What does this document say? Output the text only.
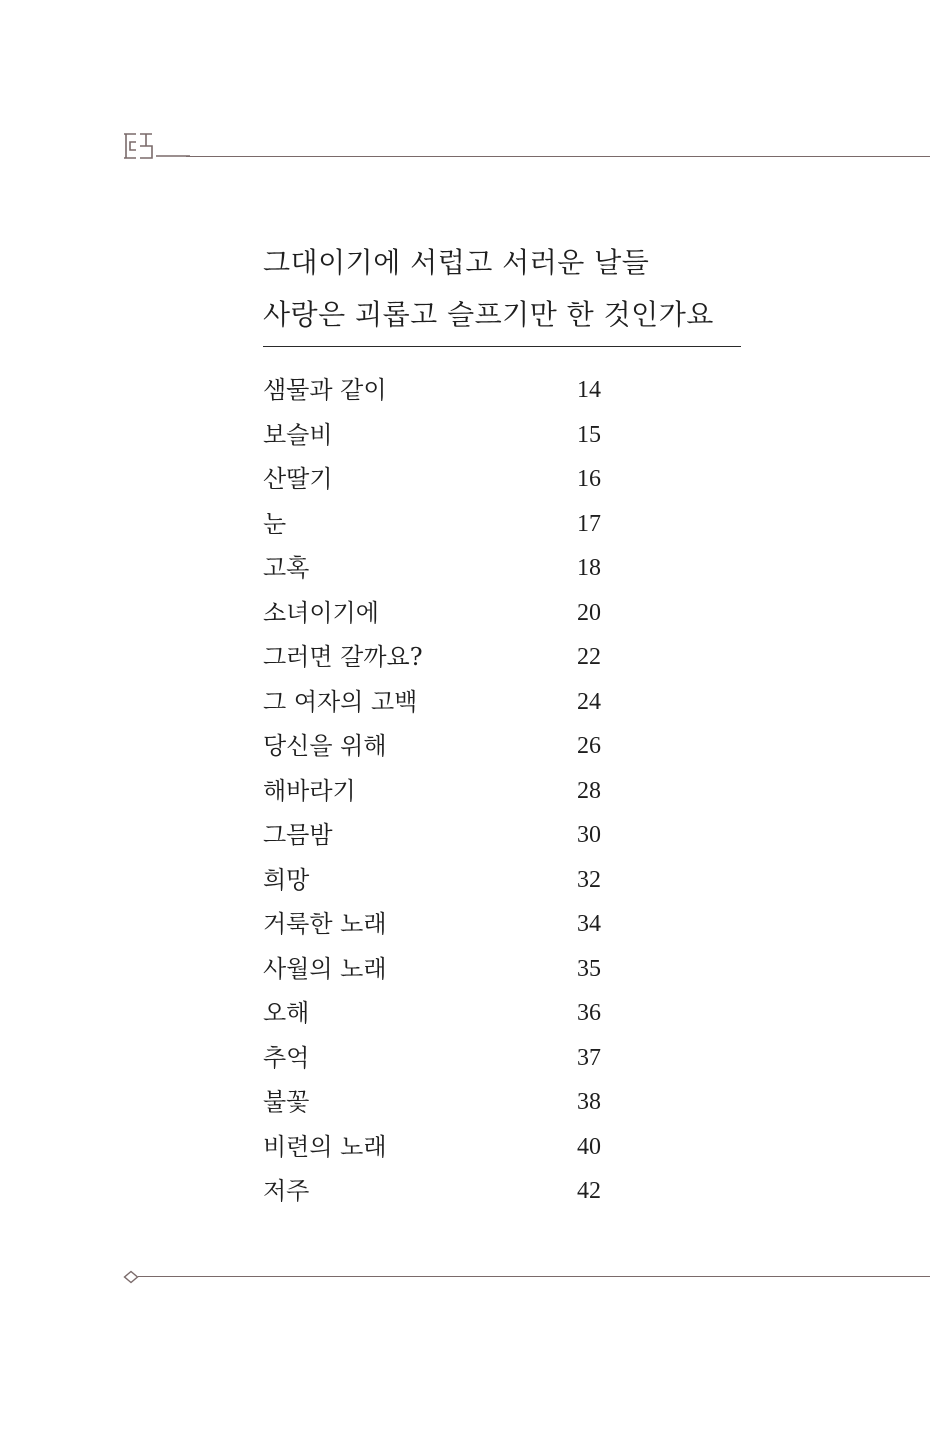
그대이기에 서럽고 서러운 날들
사랑은 괴롭고 슬프기만 한 것인가요
샘물과 같이	14
보슬비	15
산딸기	16
눈	17
고혹	18
소녀이기에	20
그러면 갈까요?	22
그 여자의 고백	24
당신을 위해	26
해바라기	28
그믐밤	30
희망	32
거룩한 노래	34
사월의 노래	35
오해	36
추억	37
불꽃	38
비련의 노래	40
저주	42
